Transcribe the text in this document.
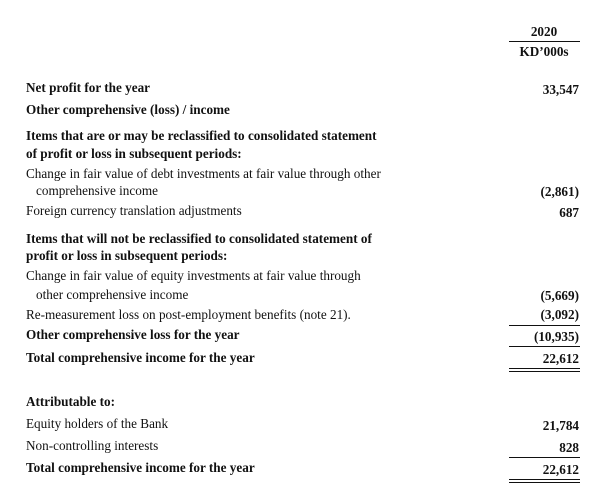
2020
KD’000s
Net profit for the year	33,547
Other comprehensive (loss) / income
Items that are or may be reclassified to consolidated statement
of profit or loss in subsequent periods:
Change in fair value of debt investments at fair value through other
comprehensive income	(2,861)
Foreign currency translation adjustments	687
Items that will not be reclassified to consolidated statement of
profit or loss in subsequent periods:
Change in fair value of equity investments at fair value through
other comprehensive income	(5,669)
Re-measurement loss on post-employment benefits (note 21).	(3,092)
Other comprehensive loss for the year	(10,935)
Total comprehensive income for the year	22,612
Attributable to:
Equity holders of the Bank	21,784
Non-controlling interests	828
Total comprehensive income for the year	22,612
